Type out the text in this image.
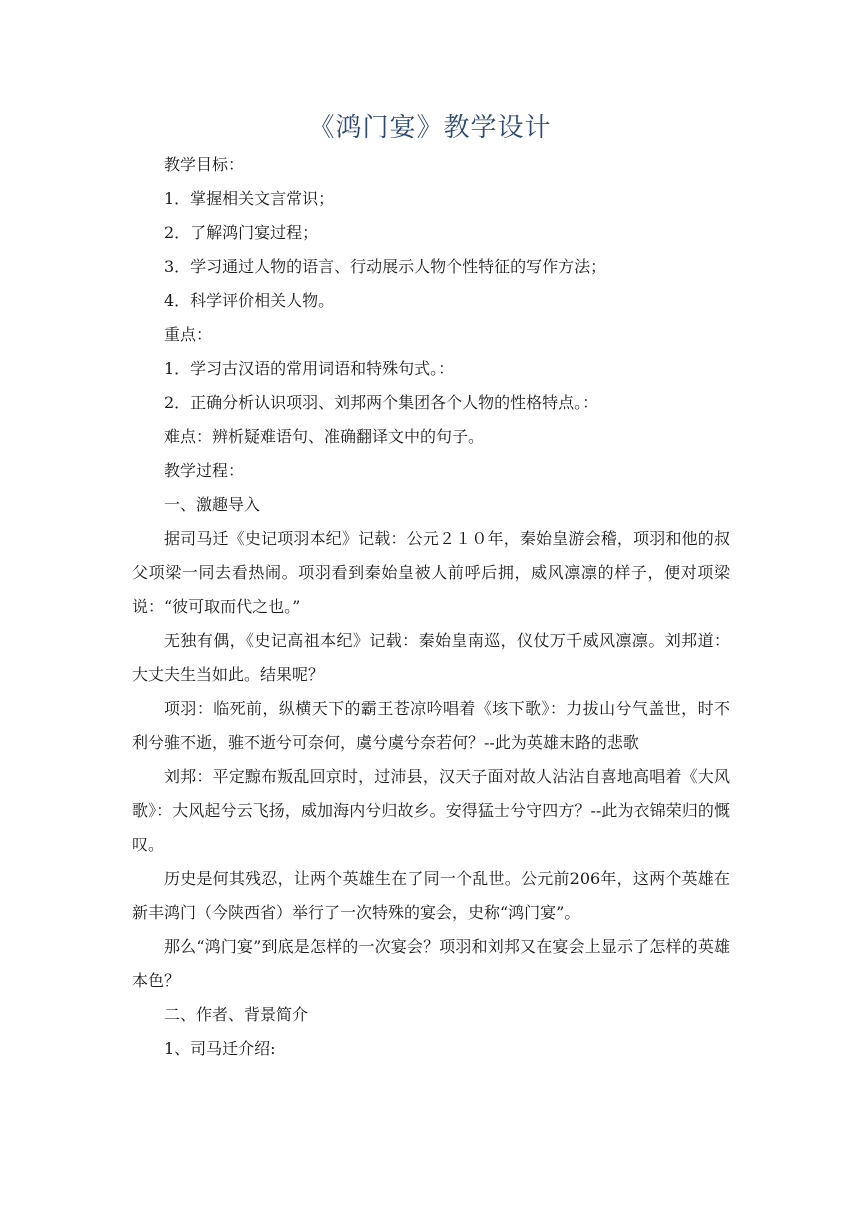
《鸿门宴》教学设计

教学目标：

1．掌握相关文言常识；

2．了解鸿门宴过程；

3．学习通过人物的语言、行动展示人物个性特征的写作方法；

4．科学评价相关人物。

重点：

1．学习古汉语的常用词语和特殊句式。：

2．正确分析认识项羽、刘邦两个集团各个人物的性格特点。：

难点：辨析疑难语句、准确翻译文中的句子。

教学过程：

一、激趣导入

据司马迁《史记项羽本纪》记载：公元２１０年，秦始皇游会稽，项羽和他的叔父项梁一同去看热闹。项羽看到秦始皇被人前呼后拥，威风凛凛的样子，便对项梁说：“彼可取而代之也。”

无独有偶，《史记高祖本纪》记载：秦始皇南巡，仪仗万千威风凛凛。刘邦道：大丈夫生当如此。结果呢？

项羽：临死前，纵横天下的霸王苍凉吟唱着《垓下歌》：力拔山兮气盖世，时不利兮骓不逝，骓不逝兮可奈何，虞兮虞兮奈若何？--此为英雄末路的悲歌

刘邦：平定黥布叛乱回京时，过沛县，汉天子面对故人沾沾自喜地高唱着《大风歌》：大风起兮云飞扬，威加海内兮归故乡。安得猛士兮守四方？--此为衣锦荣归的慨叹。

历史是何其残忍，让两个英雄生在了同一个乱世。公元前206年，这两个英雄在新丰鸿门（今陕西省）举行了一次特殊的宴会，史称“鸿门宴”。

那么“鸿门宴”到底是怎样的一次宴会？项羽和刘邦又在宴会上显示了怎样的英雄本色？

二、作者、背景简介

1、司马迁介绍:
